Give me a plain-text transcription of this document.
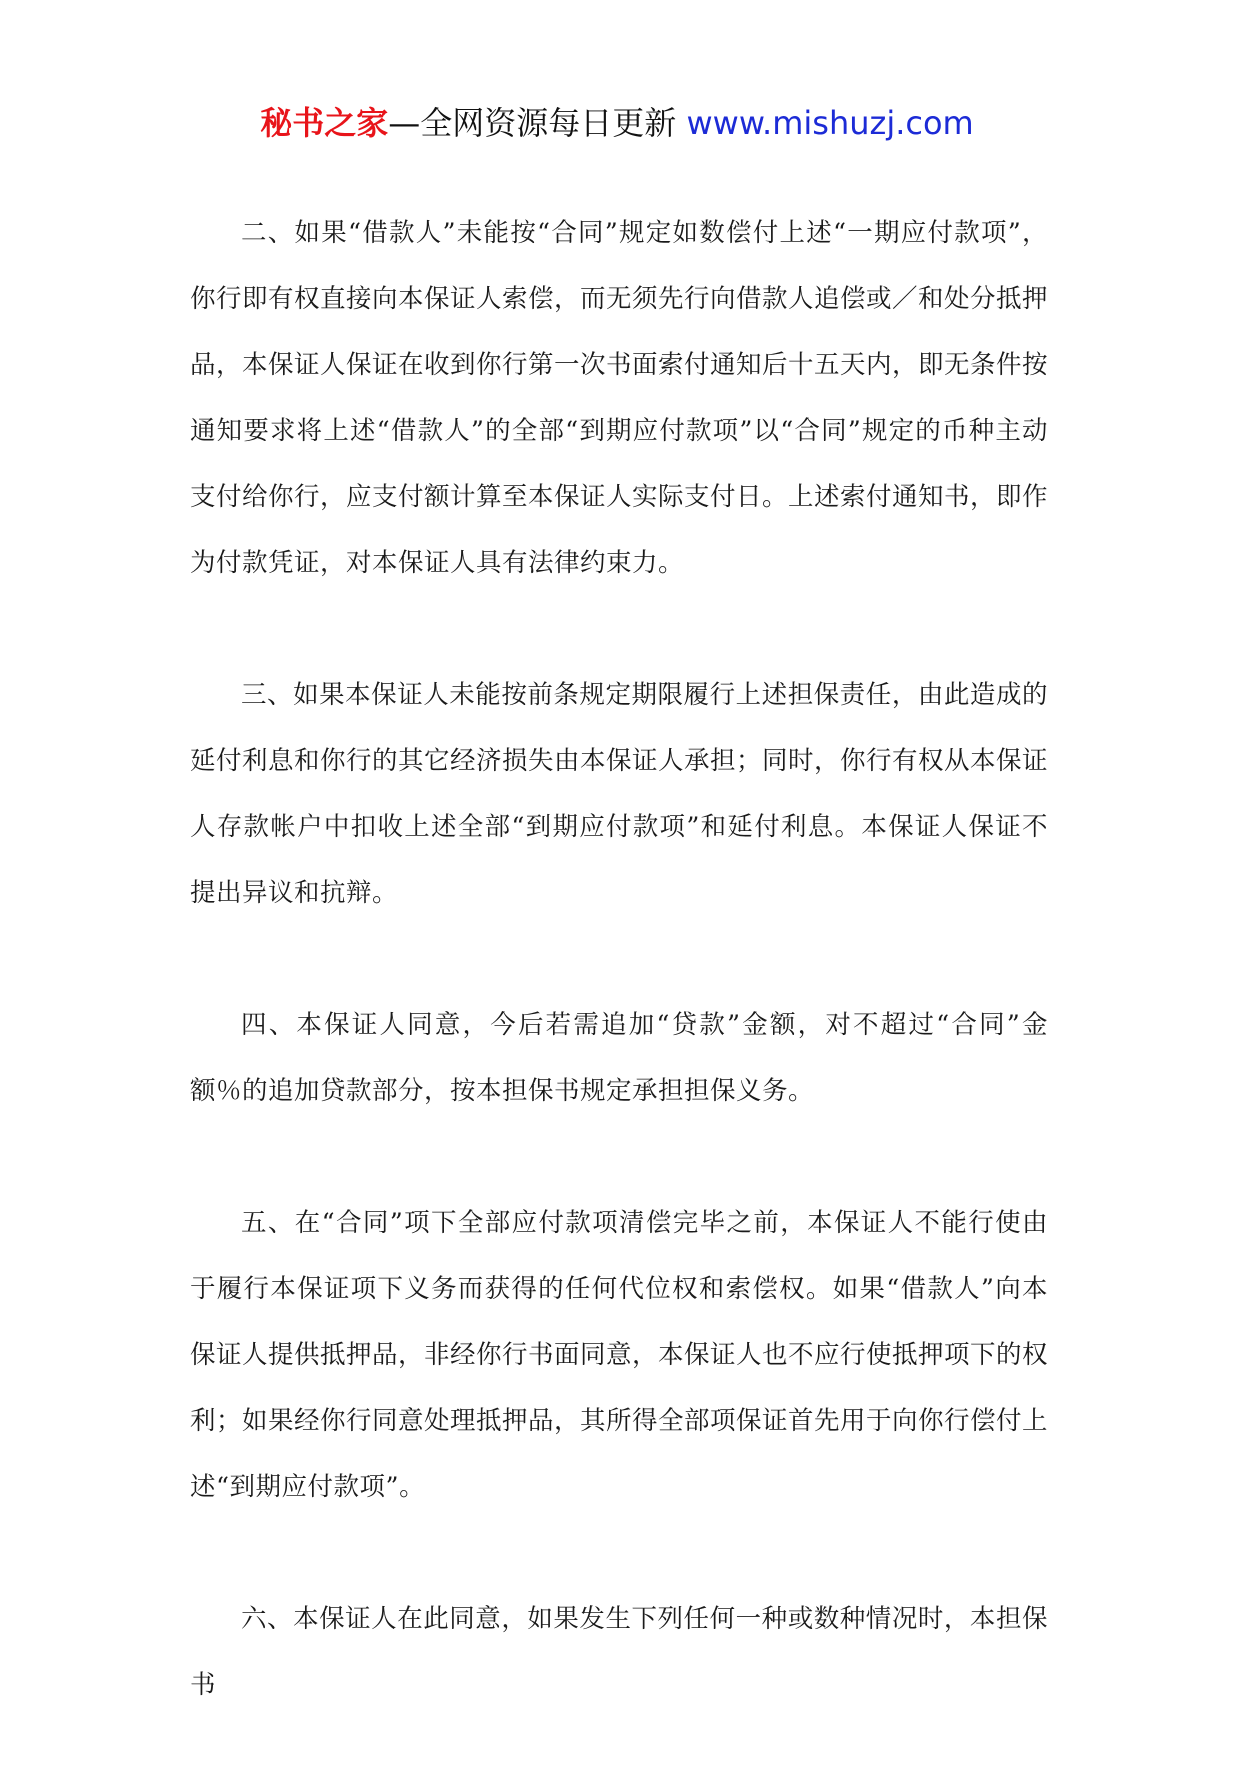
秘书之家—全网资源每日更新 www.mishuzj.com

二、如果“借款人”未能按“合同”规定如数偿付上述“一期应付款项”，你行即有权直接向本保证人索偿，而无须先行向借款人追偿或／和处分抵押品，本保证人保证在收到你行第一次书面索付通知后十五天内，即无条件按通知要求将上述“借款人”的全部“到期应付款项”以“合同”规定的币种主动支付给你行，应支付额计算至本保证人实际支付日。上述索付通知书，即作为付款凭证，对本保证人具有法律约束力。

三、如果本保证人未能按前条规定期限履行上述担保责任，由此造成的延付利息和你行的其它经济损失由本保证人承担；同时，你行有权从本保证人存款帐户中扣收上述全部“到期应付款项”和延付利息。本保证人保证不提出异议和抗辩。

四、本保证人同意，今后若需追加“贷款”金额，对不超过“合同”金额％的追加贷款部分，按本担保书规定承担担保义务。

五、在“合同”项下全部应付款项清偿完毕之前，本保证人不能行使由于履行本保证项下义务而获得的任何代位权和索偿权。如果“借款人”向本保证人提供抵押品，非经你行书面同意，本保证人也不应行使抵押项下的权利；如果经你行同意处理抵押品，其所得全部项保证首先用于向你行偿付上述“到期应付款项”。

六、本保证人在此同意，如果发生下列任何一种或数种情况时，本担保书
